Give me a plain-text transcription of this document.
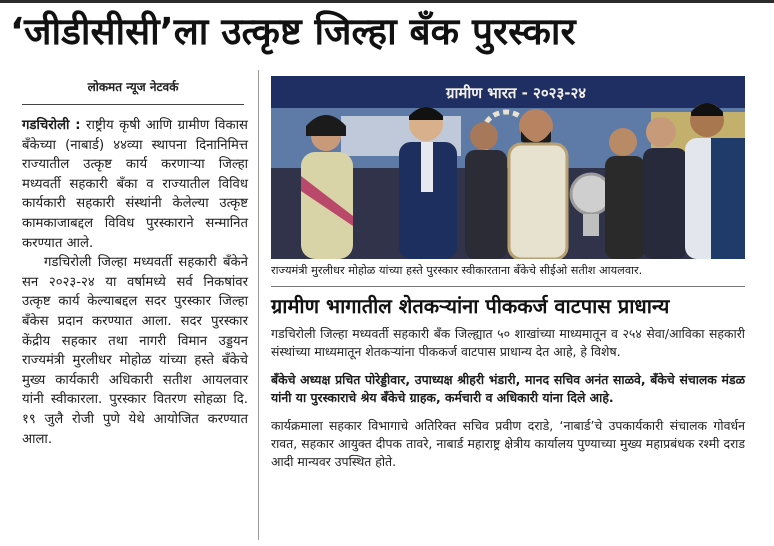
‘जीडीसीसी’ला उत्कृष्ट जिल्हा बँक पुरस्कार
लोकमत न्यूज नेटवर्क

गडचिरोली : राष्ट्रीय कृषी आणि ग्रामीण विकास बँकेच्या (नाबार्ड) ४४व्या स्थापना दिनानिमित्त राज्यातील उत्कृष्ट कार्य करणाऱ्या जिल्हा मध्यवर्ती सहकारी बँका व राज्यातील विविध कार्यकारी सहकारी संस्थांनी केलेल्या उत्कृष्ट कामकाजाबद्दल विविध पुरस्काराने सन्मानित करण्यात आले.

गडचिरोली जिल्हा मध्यवर्ती सहकारी बँकेने सन २०२३-२४ या वर्षामध्ये सर्व निकषांवर उत्कृष्ट कार्य केल्याबद्दल सदर पुरस्कार जिल्हा बँकेस प्रदान करण्यात आला. सदर पुरस्कार केंद्रीय सहकार तथा नागरी विमान उड्डयन राज्यमंत्री मुरलीधर मोहोळ यांच्या हस्ते बँकेचे मुख्य कार्यकारी अधिकारी सतीश आयलवार यांनी स्वीकारला. पुरस्कार वितरण सोहळा दि. १९ जुलै रोजी पुणे येथे आयोजित करण्यात आला.

ग्रामीण भारत - २०२३-२४
राज्यमंत्री मुरलीधर मोहोळ यांच्या हस्ते पुरस्कार स्वीकारताना बँकेचे सीईओ सतीश आयलवार.
ग्रामीण भागातील शेतकऱ्यांना पीककर्ज वाटपास प्राधान्य

गडचिरोली जिल्हा मध्यवर्ती सहकारी बँक जिल्ह्यात ५० शाखांच्या माध्यमातून व २५४ सेवा/आविका सहकारी संस्थांच्या माध्यमातून शेतकऱ्यांना पीककर्ज वाटपास प्राधान्य देत आहे, हे विशेष.

बँकेचे अध्यक्ष प्रचित पोरेड्डीवार, उपाध्यक्ष श्रीहरी भंडारी, मानद सचिव अनंत साळवे, बँकेचे संचालक मंडळ यांनी या पुरस्काराचे श्रेय बँकेचे ग्राहक, कर्मचारी व अधिकारी यांना दिले आहे.

कार्यक्रमाला सहकार विभागाचे अतिरिक्त सचिव प्रवीण दराडे, ‘नाबार्ड’चे उपकार्यकारी संचालक गोवर्धन रावत, सहकार आयुक्त दीपक तावरे, नाबार्ड महाराष्ट्र क्षेत्रीय कार्यालय पुण्याच्या मुख्य महाप्रबंधक रश्मी दराड आदी मान्यवर उपस्थित होते.
